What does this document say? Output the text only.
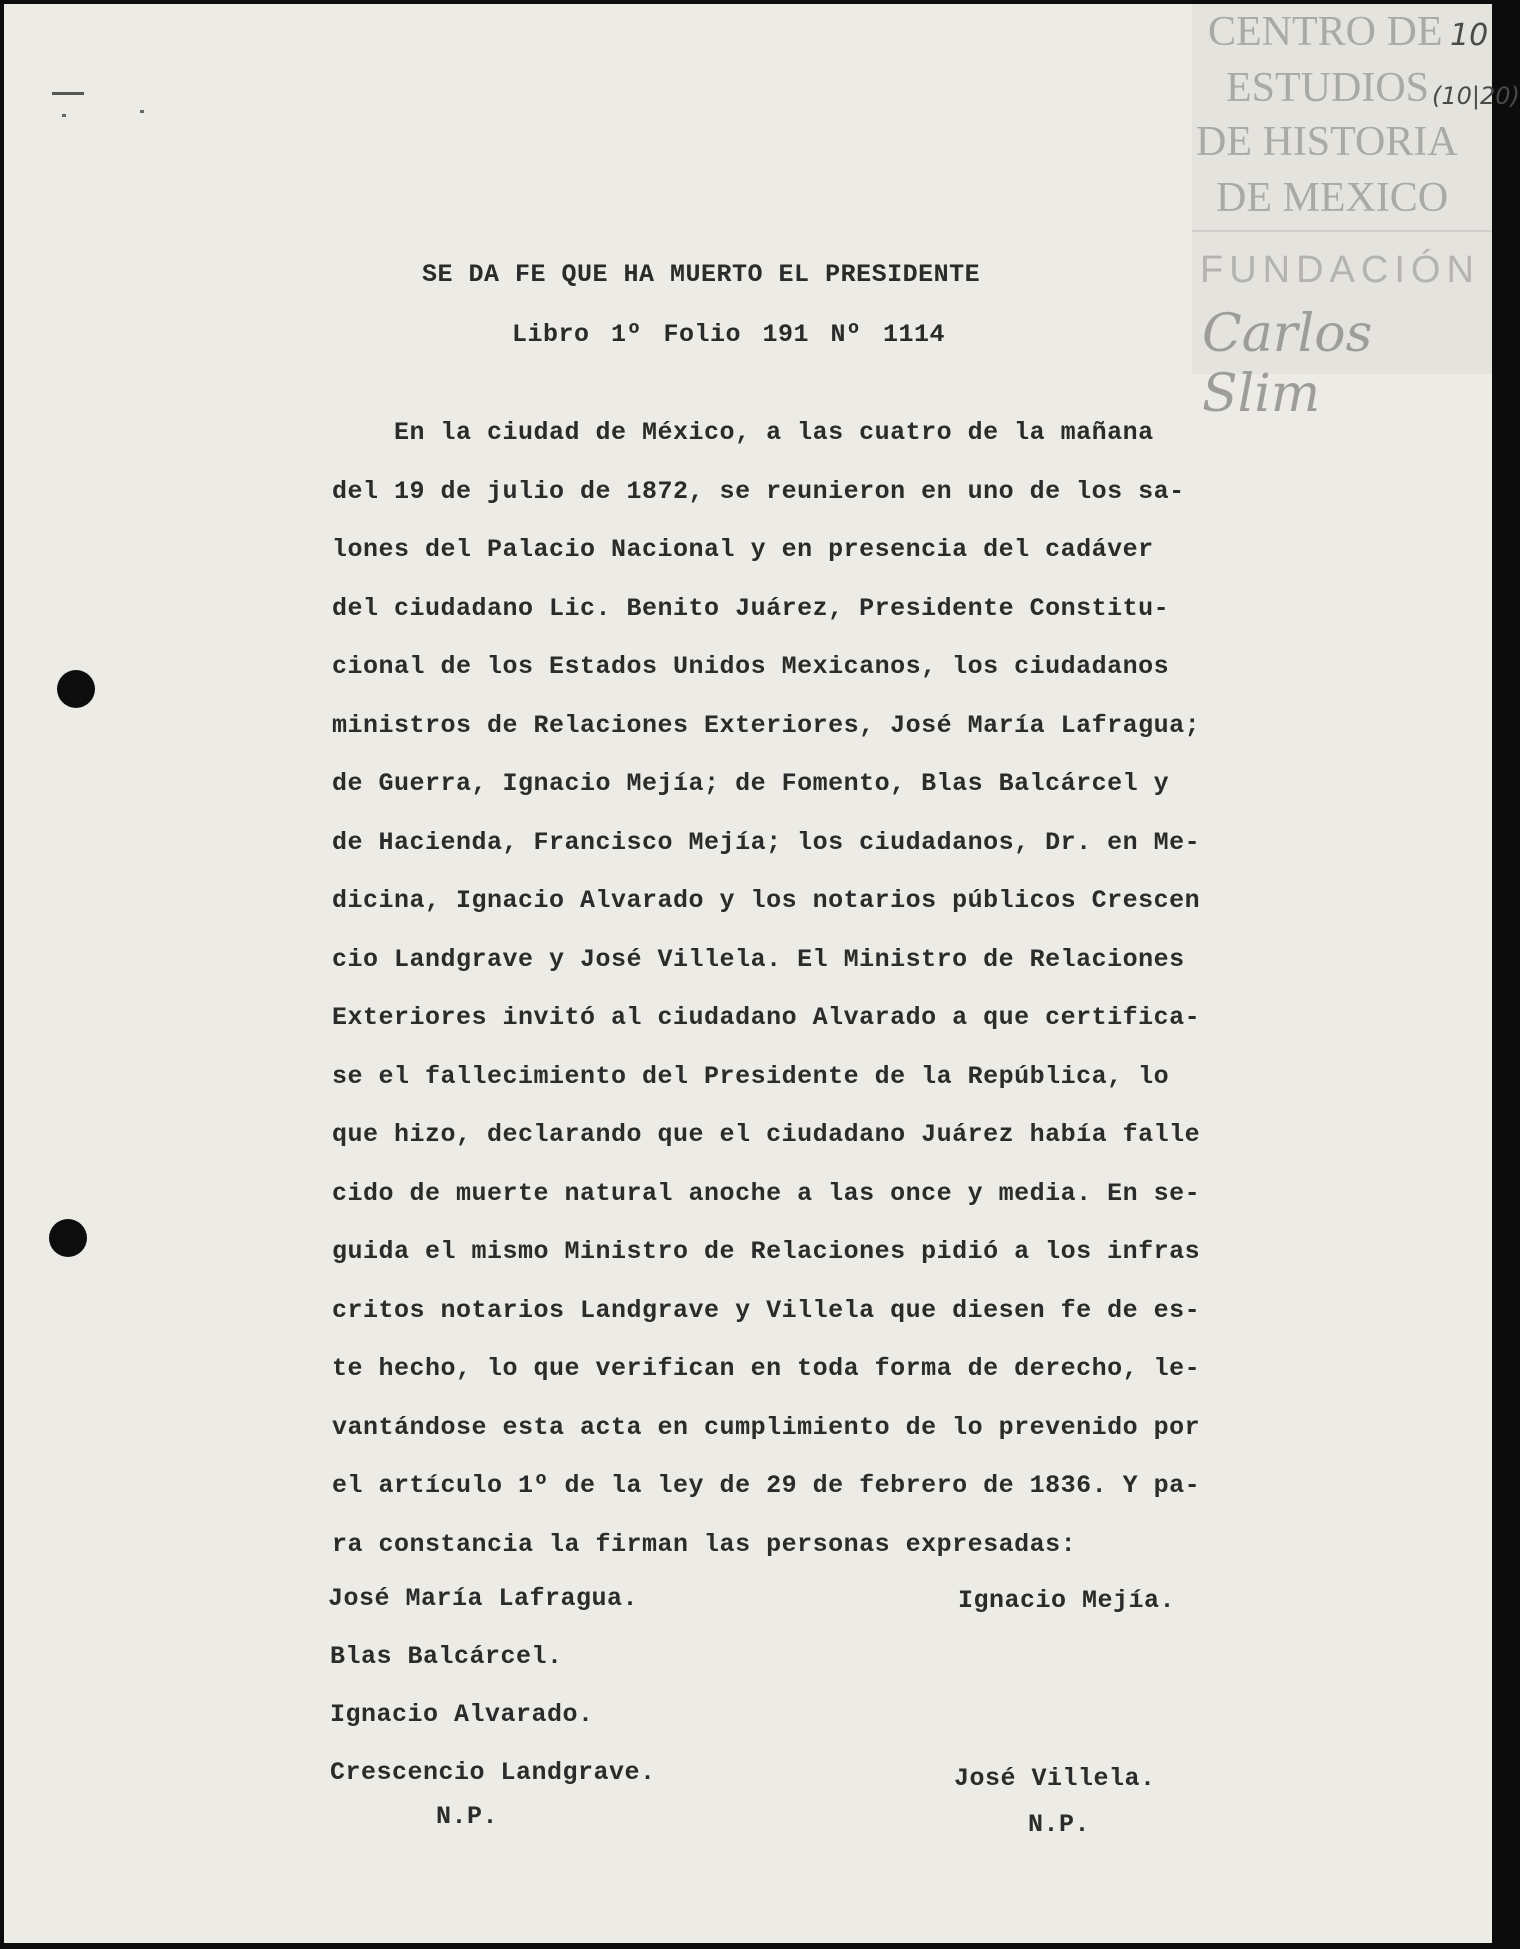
CENTRO DE
ESTUDIOS
DE HISTORIA
DE MEXICO
FUNDACIÓN
Carlos Slim
10
(10|20)
SE DA FE QUE HA MUERTO EL PRESIDENTE
Libro 1º Folio 191 Nº 1114
En la ciudad de México, a las cuatro de la mañana
del 19 de julio de 1872, se reunieron en uno de los sa-
lones del Palacio Nacional y en presencia del cadáver
del ciudadano Lic. Benito Juárez, Presidente Constitu-
cional de los Estados Unidos Mexicanos, los ciudadanos
ministros de Relaciones Exteriores, José María Lafragua;
de Guerra, Ignacio Mejía; de Fomento, Blas Balcárcel y
de Hacienda, Francisco Mejía; los ciudadanos, Dr. en Me-
dicina, Ignacio Alvarado y los notarios públicos Crescen
cio Landgrave y José Villela. El Ministro de Relaciones
Exteriores invitó al ciudadano Alvarado a que certifica-
se el fallecimiento del Presidente de la República, lo
que hizo, declarando que el ciudadano Juárez había falle
cido de muerte natural anoche a las once y media. En se-
guida el mismo Ministro de Relaciones pidió a los infras
critos notarios Landgrave y Villela que diesen fe de es-
te hecho, lo que verifican en toda forma de derecho, le-
vantándose esta acta en cumplimiento de lo prevenido por
el artículo 1º de la ley de 29 de febrero de 1836. Y pa-
ra constancia la firman las personas expresadas:
José María Lafragua.	Ignacio Mejía.
Blas Balcárcel.
Ignacio Alvarado.
Crescencio Landgrave.
N.P.
José Villela.
N.P.
